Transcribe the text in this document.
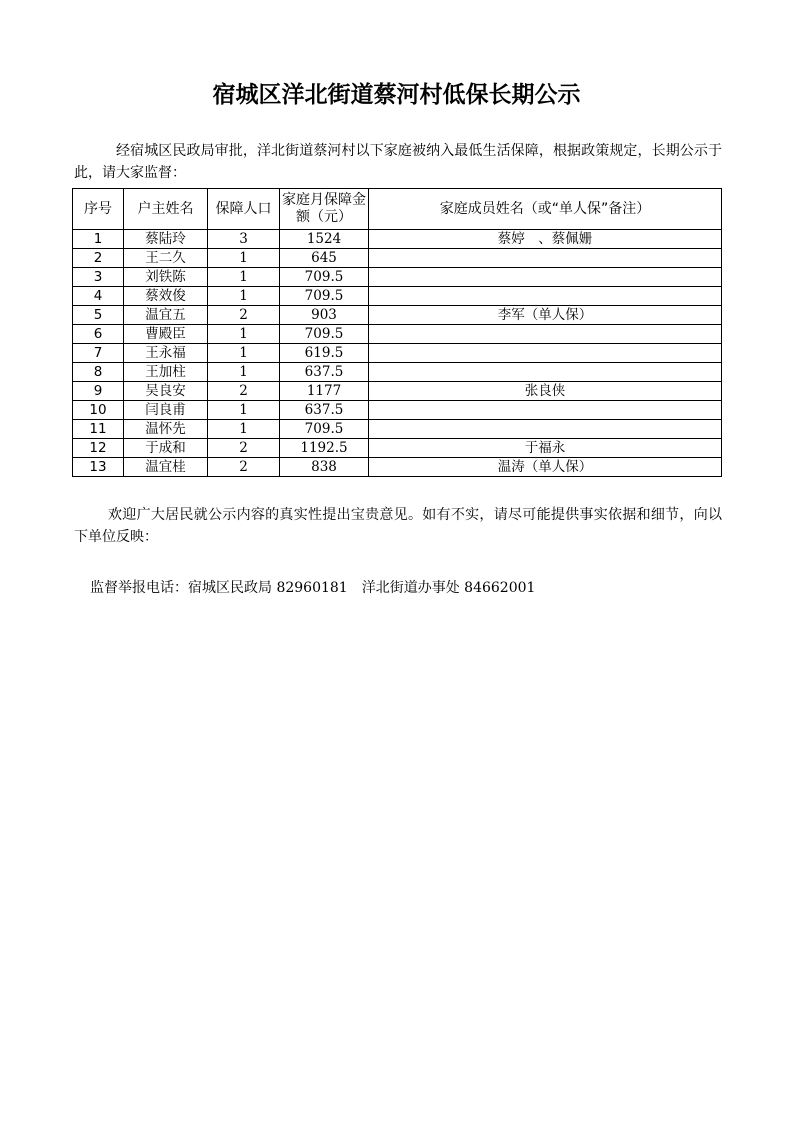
宿城区洋北街道蔡河村低保长期公示
经宿城区民政局审批，洋北街道蔡河村以下家庭被纳入最低生活保障，根据政策规定，长期公示于此，请大家监督：
序号	户主姓名	保障人口	家庭月保障金额（元）	家庭成员姓名（或“单人保”备注）
1	蔡陆玲	3	1524	蔡婷　、蔡佩姗
2	王二久	1	645	
3	刘铁陈	1	709.5	
4	蔡效俊	1	709.5	
5	温宜五	2	903	李军（单人保）
6	曹殿臣	1	709.5	
7	王永福	1	619.5	
8	王加柱	1	637.5	
9	吴良安	2	1177	张良侠
10	闫良甫	1	637.5	
11	温怀先	1	709.5	
12	于成和	2	1192.5	于福永
13	温宜桂	2	838	温涛（单人保）
欢迎广大居民就公示内容的真实性提出宝贵意见。如有不实，请尽可能提供事实依据和细节，向以下单位反映：
监督举报电话：宿城区民政局 82960181　洋北街道办事处 84662001
